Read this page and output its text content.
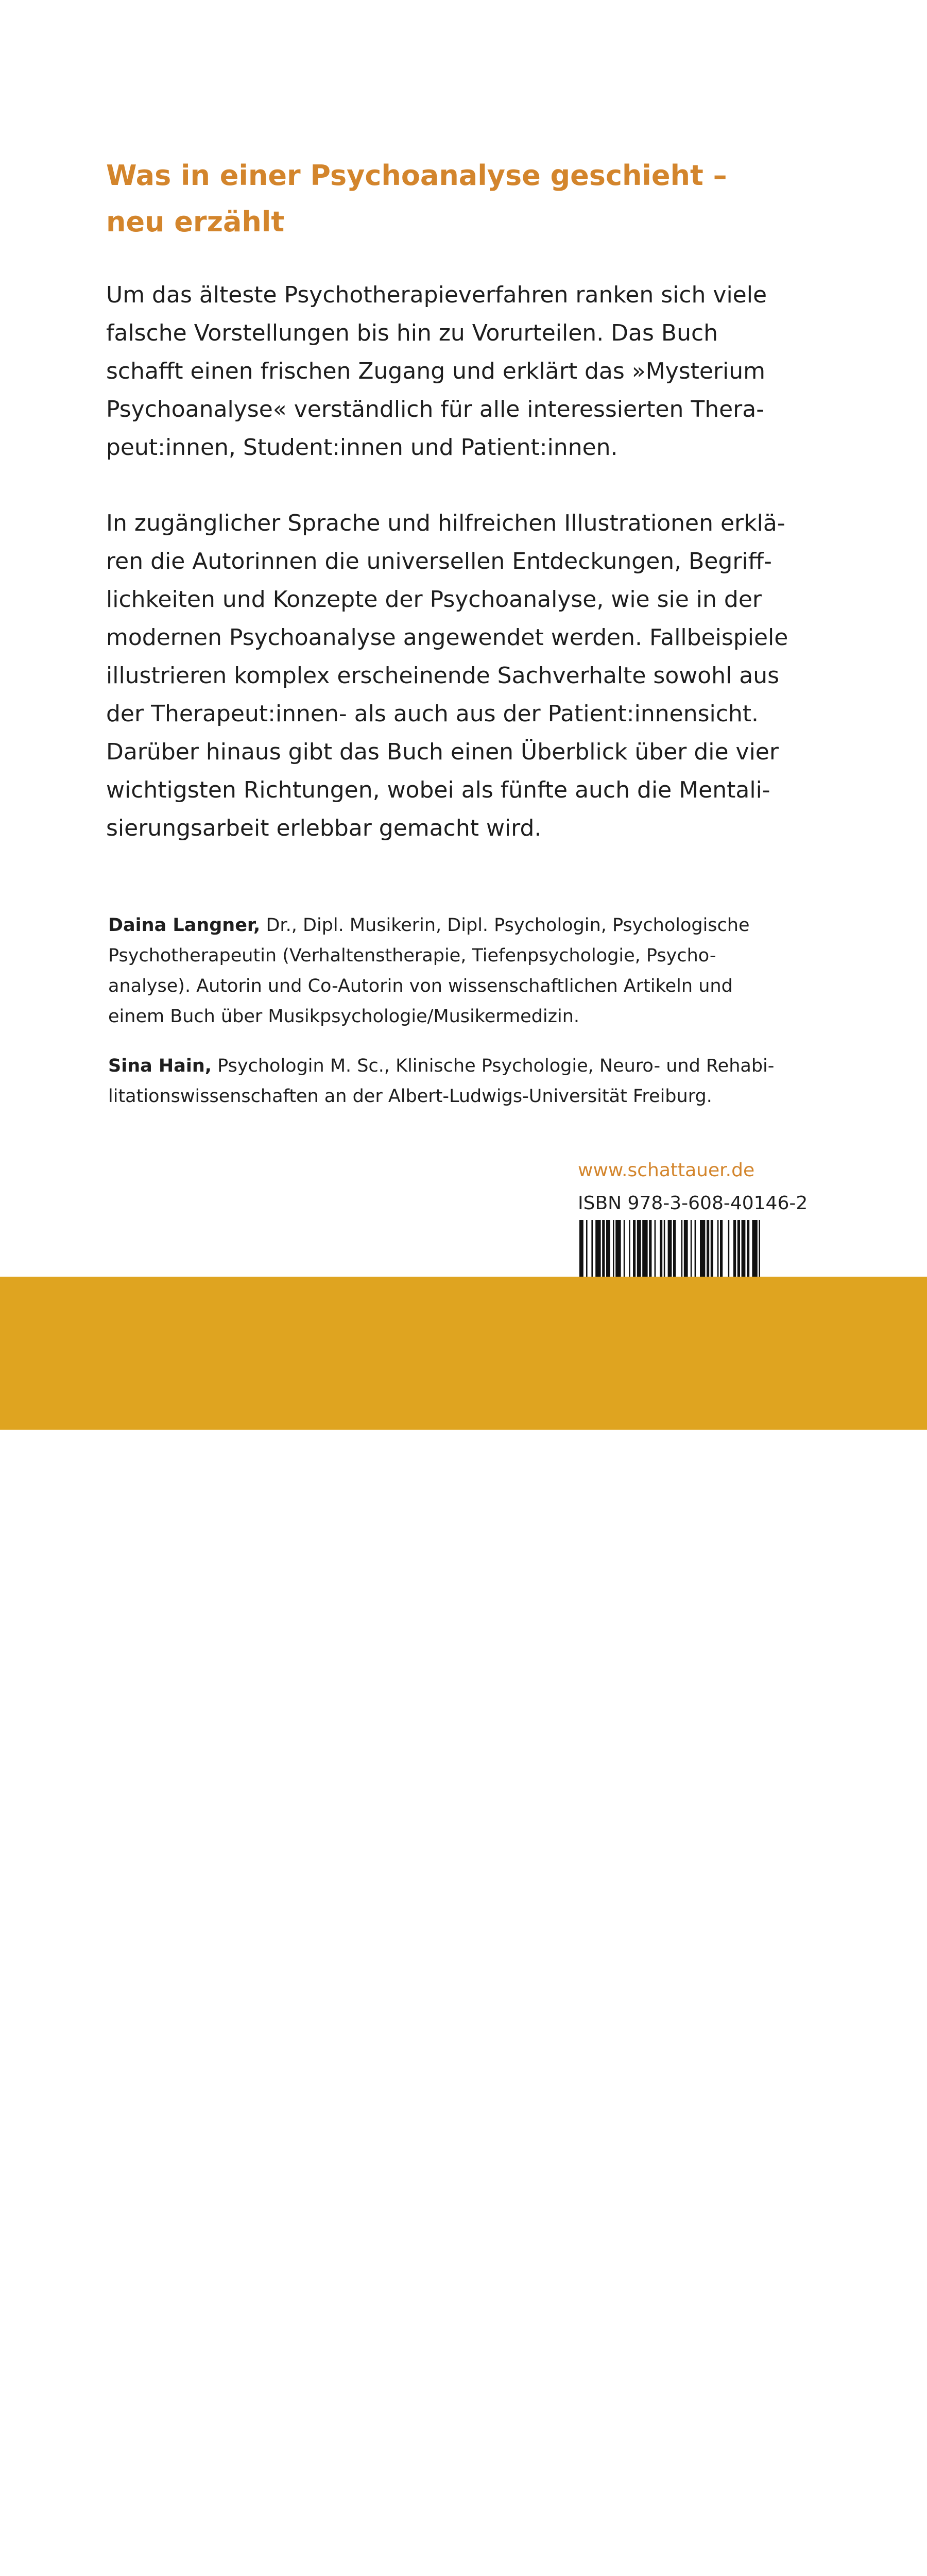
Was in einer Psychoanalyse geschieht –
neu erzählt

Um das älteste Psychotherapieverfahren ranken sich viele
falsche Vorstellungen bis hin zu Vorurteilen. Das Buch
schafft einen frischen Zugang und erklärt das »Mysterium
Psychoanalyse« verständlich für alle interessierten Thera-
peut:innen, Student:innen und Patient:innen.

In zugänglicher Sprache und hilfreichen Illustrationen erklä-
ren die Autorinnen die universellen Entdeckungen, Begriff-
lichkeiten und Konzepte der Psychoanalyse, wie sie in der
modernen Psychoanalyse angewendet werden. Fallbeispiele
illustrieren komplex erscheinende Sachverhalte sowohl aus
der Therapeut:innen- als auch aus der Patient:innensicht.
Darüber hinaus gibt das Buch einen Überblick über die vier
wichtigsten Richtungen, wobei als fünfte auch die Mentali-
sierungsarbeit erlebbar gemacht wird.

Daina Langner, Dr., Dipl. Musikerin, Dipl. Psychologin, Psychologische
Psychotherapeutin (Verhaltenstherapie, Tiefenpsychologie, Psycho-
analyse). Autorin und Co-Autorin von wissenschaftlichen Artikeln und
einem Buch über Musikpsychologie/Musikermedizin.

Sina Hain, Psychologin M. Sc., Klinische Psychologie, Neuro- und Rehabi-
litationswissenschaften an der Albert-Ludwigs-Universität Freiburg.

www.schattauer.de
ISBN 978-3-608-40146-2
